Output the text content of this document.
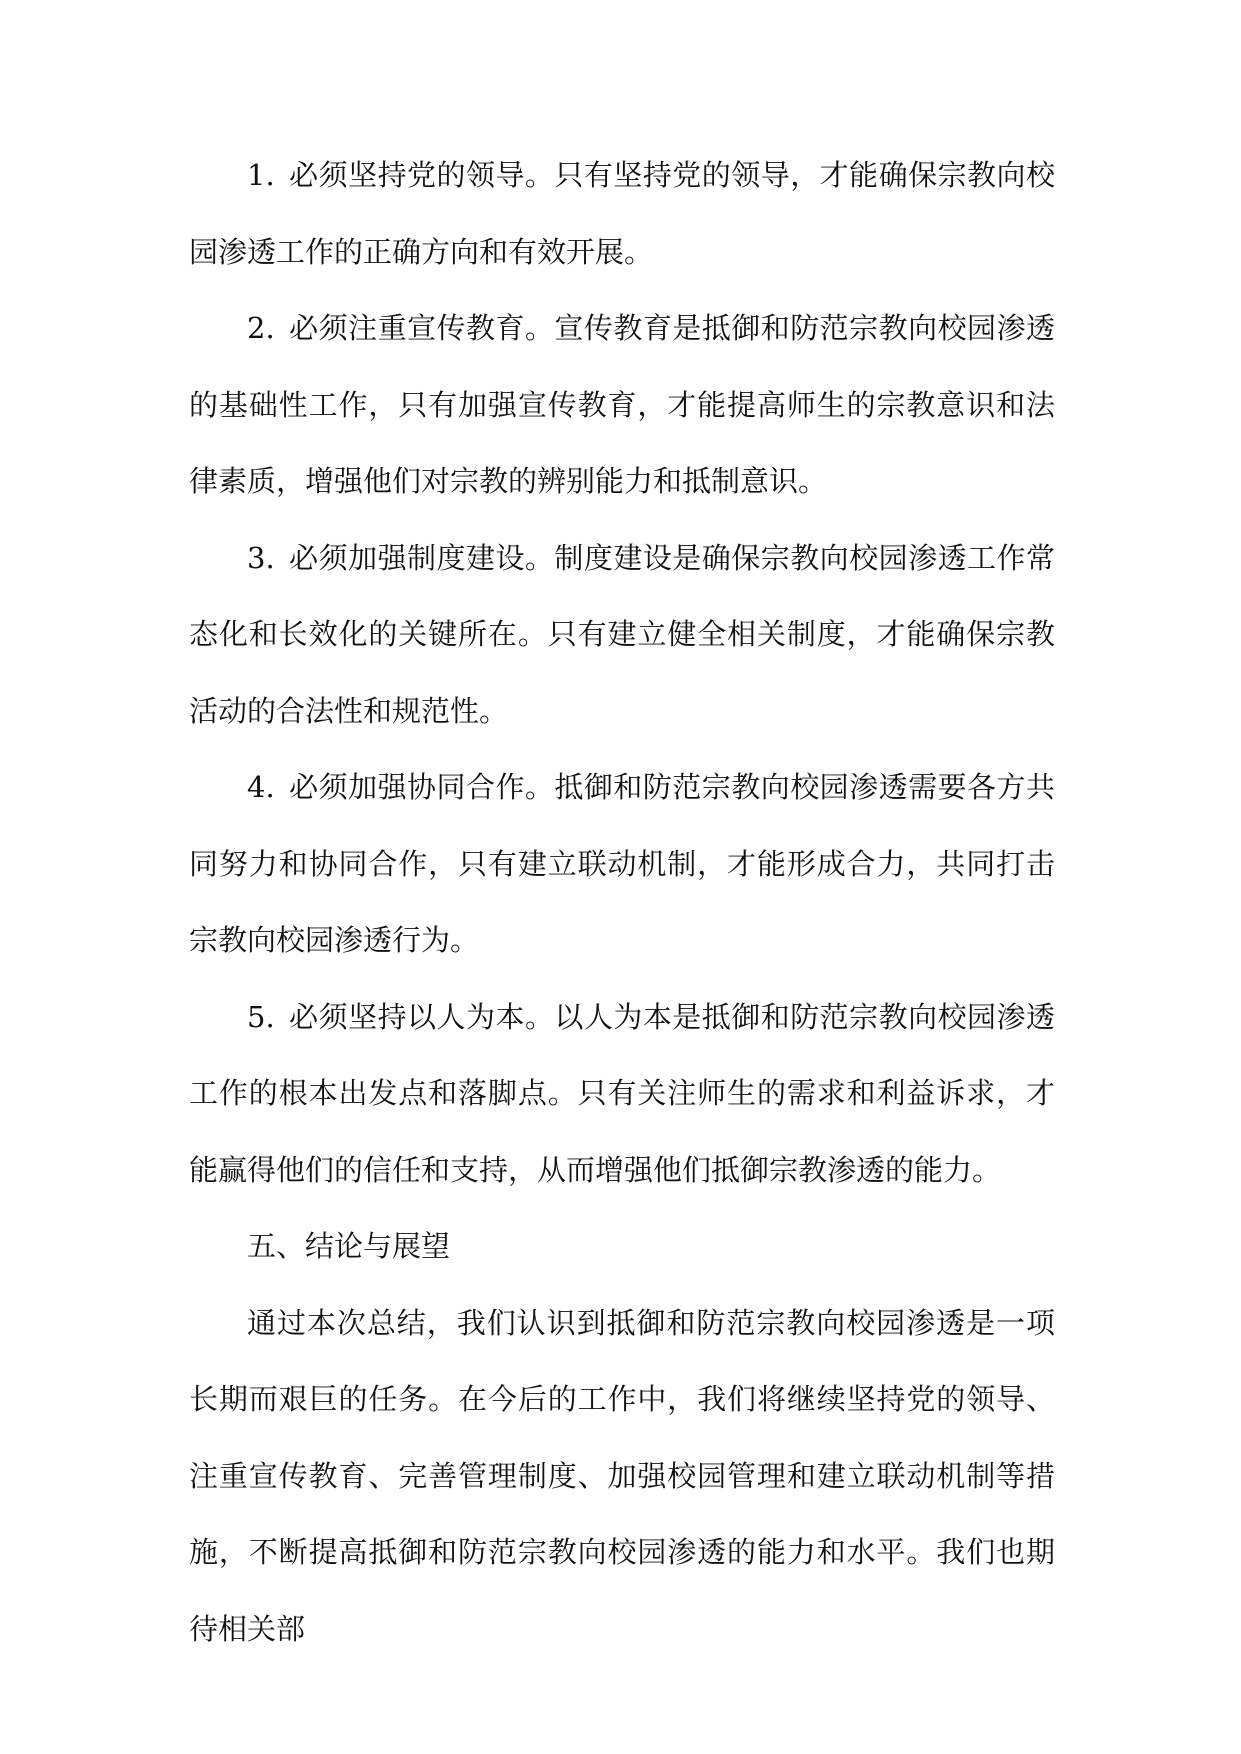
1. 必须坚持党的领导。只有坚持党的领导，才能确保宗教向校园渗透工作的正确方向和有效开展。

2. 必须注重宣传教育。宣传教育是抵御和防范宗教向校园渗透的基础性工作，只有加强宣传教育，才能提高师生的宗教意识和法律素质，增强他们对宗教的辨别能力和抵制意识。

3. 必须加强制度建设。制度建设是确保宗教向校园渗透工作常态化和长效化的关键所在。只有建立健全相关制度，才能确保宗教活动的合法性和规范性。

4. 必须加强协同合作。抵御和防范宗教向校园渗透需要各方共同努力和协同合作，只有建立联动机制，才能形成合力，共同打击宗教向校园渗透行为。

5. 必须坚持以人为本。以人为本是抵御和防范宗教向校园渗透工作的根本出发点和落脚点。只有关注师生的需求和利益诉求，才能赢得他们的信任和支持，从而增强他们抵御宗教渗透的能力。

五、结论与展望

通过本次总结，我们认识到抵御和防范宗教向校园渗透是一项长期而艰巨的任务。在今后的工作中，我们将继续坚持党的领导、注重宣传教育、完善管理制度、加强校园管理和建立联动机制等措施，不断提高抵御和防范宗教向校园渗透的能力和水平。我们也期待相关部
